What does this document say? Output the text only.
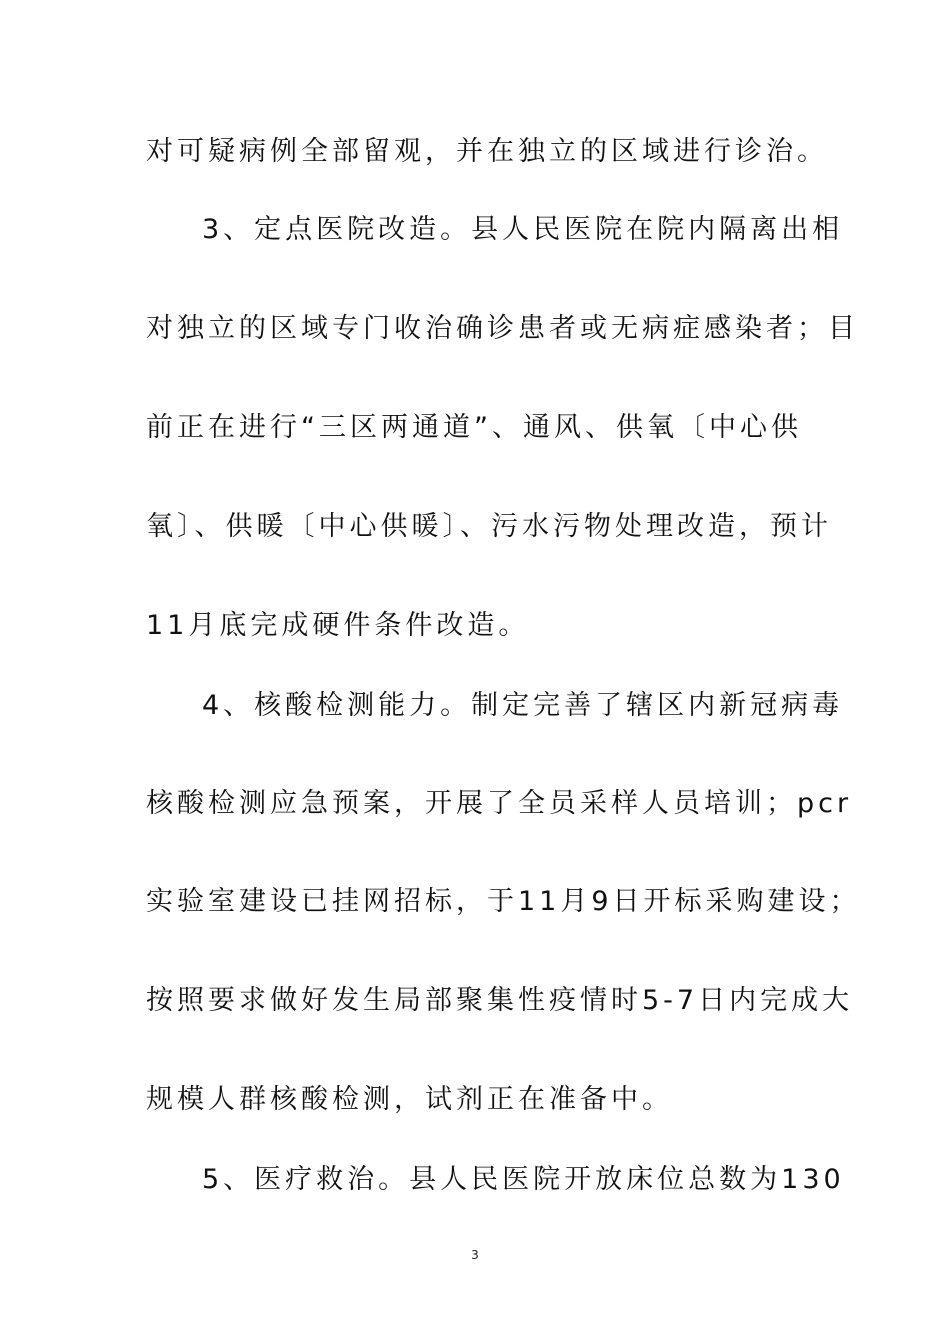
对可疑病例全部留观，并在独立的区域进行诊治。
3、定点医院改造。县人民医院在院内隔离出相
对独立的区域专门收治确诊患者或无病症感染者；目
前正在进行“三区两通道”、通风、供氧〔中心供
氧〕、供暖〔中心供暖〕、污水污物处理改造，预计
11月底完成硬件条件改造。
4、核酸检测能力。制定完善了辖区内新冠病毒
核酸检测应急预案，开展了全员采样人员培训；pcr
实验室建设已挂网招标，于11月9日开标采购建设；
按照要求做好发生局部聚集性疫情时5-7日内完成大
规模人群核酸检测，试剂正在准备中。
5、医疗救治。县人民医院开放床位总数为130
3
